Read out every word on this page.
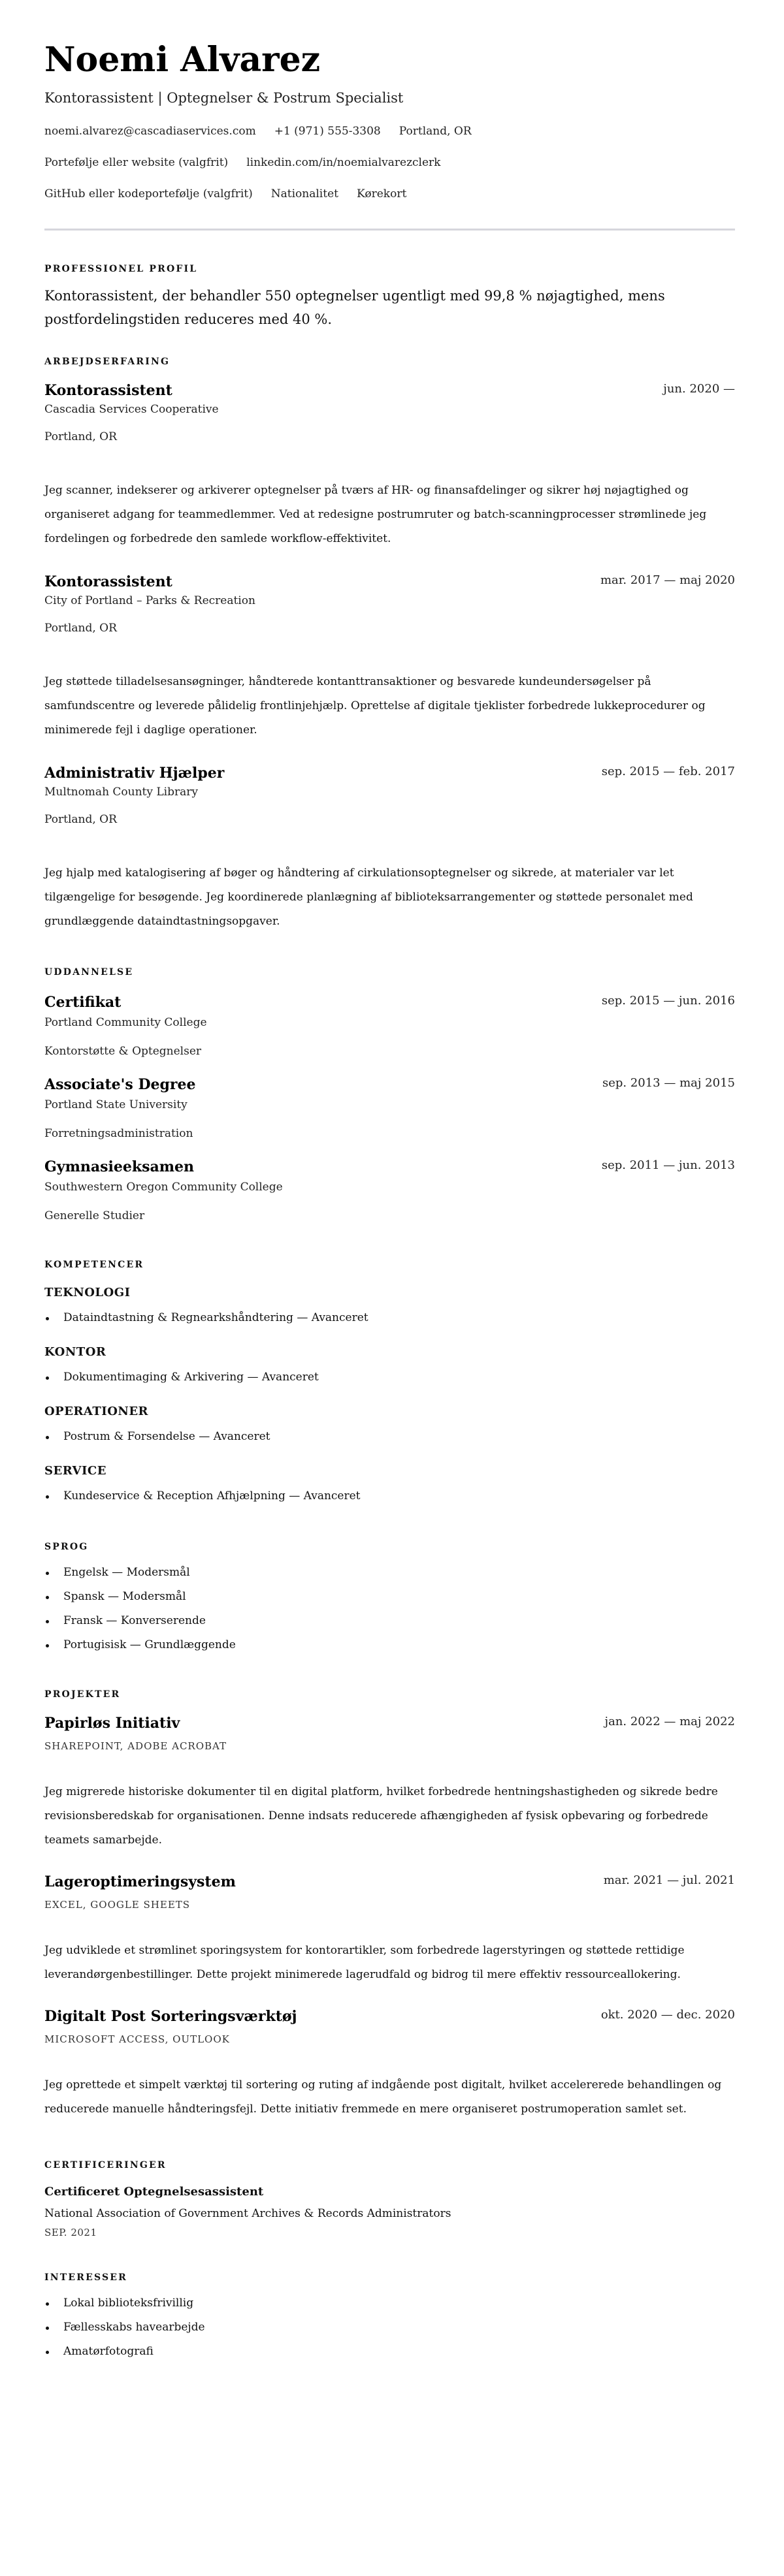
Noemi Alvarez
Kontorassistent | Optegnelser & Postrum Specialist
noemi.alvarez@cascadiaservices.com +1 (971) 555-3308 Portland, OR
Portefølje eller website (valgfrit) linkedin.com/in/noemialvarezclerk
GitHub eller kodeportefølje (valgfrit) Nationalitet Kørekort
PROFESSIONEL PROFIL

Kontorassistent, der behandler 550 optegnelser ugentligt med 99,8 % nøjagtighed, mens postfordelingstiden reduceres med 40 %.

ARBEJDSERFARING
Kontorassistent	jun. 2020 —
Cascadia Services Cooperative
Portland, OR

Jeg scanner, indekserer og arkiverer optegnelser på tværs af HR- og finansafdelinger og sikrer høj nøjagtighed og organiseret adgang for teammedlemmer. Ved at redesigne postrumruter og batch-scanningprocesser strømlinede jeg fordelingen og forbedrede den samlede workflow-effektivitet.

Kontorassistent	mar. 2017 — maj 2020
City of Portland – Parks & Recreation
Portland, OR

Jeg støttede tilladelsesansøgninger, håndterede kontanttransaktioner og besvarede kundeundersøgelser på samfundscentre og leverede pålidelig frontlinjehjælp. Oprettelse af digitale tjeklister forbedrede lukkeprocedurer og minimerede fejl i daglige operationer.

Administrativ Hjælper	sep. 2015 — feb. 2017
Multnomah County Library
Portland, OR

Jeg hjalp med katalogisering af bøger og håndtering af cirkulationsoptegnelser og sikrede, at materialer var let tilgængelige for besøgende. Jeg koordinerede planlægning af biblioteksarrangementer og støttede personalet med grundlæggende dataindtastningsopgaver.

UDDANNELSE
Certifikat	sep. 2015 — jun. 2016
Portland Community College
Kontorstøtte & Optegnelser
Associate's Degree	sep. 2013 — maj 2015
Portland State University
Forretningsadministration
Gymnasieeksamen	sep. 2011 — jun. 2013
Southwestern Oregon Community College
Generelle Studier
KOMPETENCER
TEKNOLOGI
Dataindtastning & Regnearkshåndtering — Avanceret
KONTOR
Dokumentimaging & Arkivering — Avanceret
OPERATIONER
Postrum & Forsendelse — Avanceret
SERVICE
Kundeservice & Reception Afhjælpning — Avanceret
SPROG
Engelsk — Modersmål
Spansk — Modersmål
Fransk — Konverserende
Portugisisk — Grundlæggende
PROJEKTER
Papirløs Initiativ	jan. 2022 — maj 2022
SHAREPOINT, ADOBE ACROBAT

Jeg migrerede historiske dokumenter til en digital platform, hvilket forbedrede hentningshastigheden og sikrede bedre revisionsberedskab for organisationen. Denne indsats reducerede afhængigheden af fysisk opbevaring og forbedrede teamets samarbejde.

Lageroptimeringsystem	mar. 2021 — jul. 2021
EXCEL, GOOGLE SHEETS

Jeg udviklede et strømlinet sporingsystem for kontorartikler, som forbedrede lagerstyringen og støttede rettidige leverandørgenbestillinger. Dette projekt minimerede lagerudfald og bidrog til mere effektiv ressourceallokering.

Digitalt Post Sorteringsværktøj	okt. 2020 — dec. 2020
MICROSOFT ACCESS, OUTLOOK

Jeg oprettede et simpelt værktøj til sortering og ruting af indgående post digitalt, hvilket accelererede behandlingen og reducerede manuelle håndteringsfejl. Dette initiativ fremmede en mere organiseret postrumoperation samlet set.

CERTIFICERINGER
Certificeret Optegnelsesassistent
National Association of Government Archives & Records Administrators
SEP. 2021
INTERESSER
Lokal biblioteksfrivillig
Fællesskabs havearbejde
Amatørfotografi
